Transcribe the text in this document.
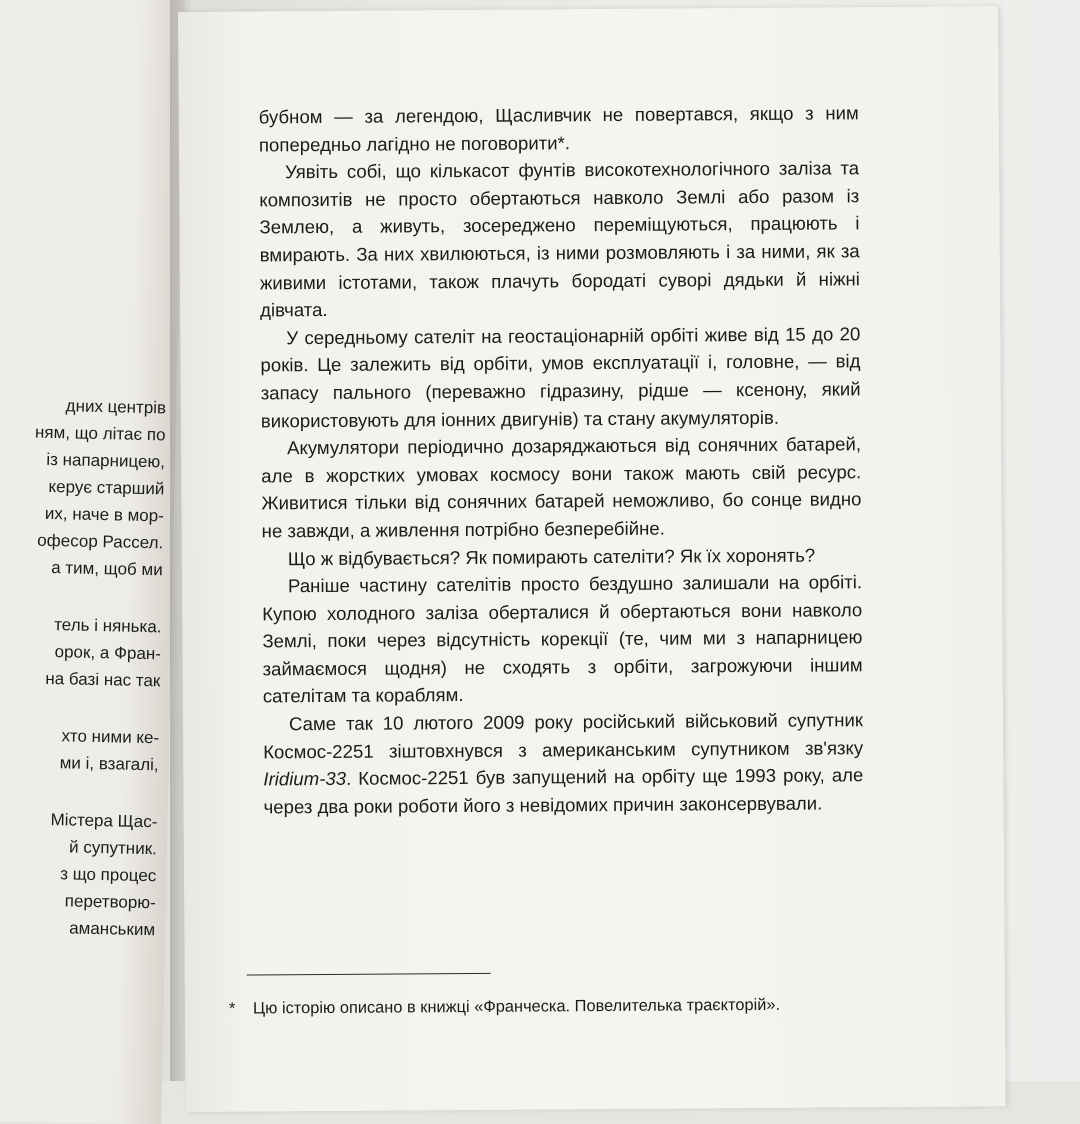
дних центрів
ням, що літає по
із напарницею,
керує старший
их, наче в мор-
офесор Рассел.
а тим, щоб ми
тель і нянька.
орок, а Фран-
на базі нас так
хто ними ке-
ми і, взагалі,
Містера Щас-
й супутник.
з що процес
перетворю-
аманським

бубном — за легендою, Щасливчик не повертався, якщо з ним попередньо лагідно не поговорити*.

Уявіть собі, що кількасот фунтів високотехнологічного заліза та композитів не просто обертаються навколо Землі або разом із Землею, а живуть, зосереджено переміщуються, працюють і вмирають. За них хвилюються, із ними розмовляють і за ними, як за живими істотами, також плачуть бородаті суворі дядьки й ніжні дівчата.

У середньому сателіт на геостаціонарній орбіті живе від 15 до 20 років. Це залежить від орбіти, умов експлуатації і, головне, — від запасу пального (переважно гідразину, рідше — ксенону, який використовують для іонних двигунів) та стану акумуляторів.

Акумулятори періодично дозаряджаються від сонячних батарей, але в жорстких умовах космосу вони також мають свій ресурс. Живитися тільки від сонячних батарей неможливо, бо сонце видно не завжди, а живлення потрібно безперебійне.

Що ж відбувається? Як помирають сателіти? Як їх хоронять?

Раніше частину сателітів просто бездушно залишали на орбіті. Купою холодного заліза оберталися й обертаються вони навколо Землі, поки через відсутність корекції (те, чим ми з напарницею займаємося щодня) не сходять з орбіти, загрожуючи іншим сателітам та кораблям.

Саме так 10 лютого 2009 року російський військовий супутник Космос-2251 зіштовхнувся з американським супутником зв'язку Iridium-33. Космос-2251 був запущений на орбіту ще 1993 року, але через два роки роботи його з невідомих причин законсервували.

* Цю історію описано в книжці «Франческа. Повелителька траєкторій».
